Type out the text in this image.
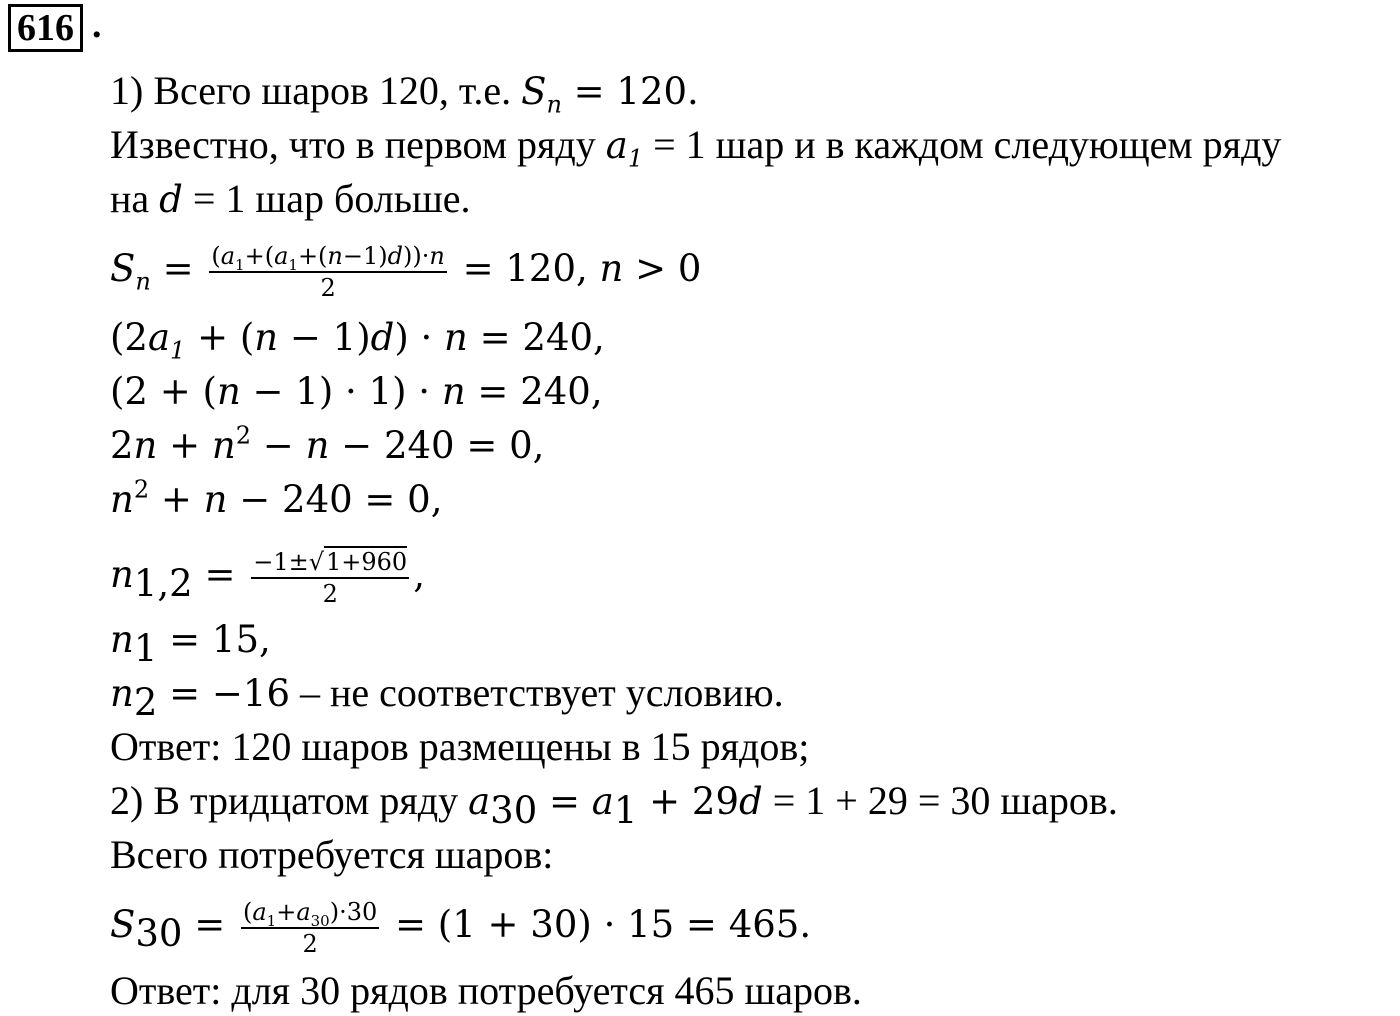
616 .
1) Всего шаров 120, т.е. $S_n = 120$.
Известно, что в первом ряду $a_1 = 1$ шар и в каждом следующем ряду
на d = 1 шар больше.
$S_n = \frac{(a_1+(a_1+(n-1)d))\cdot n}{2} = 120$, n > 0
$(2a_1 + (n - 1)d) \cdot n = 240$,
(2 + (n − 1) · 1) · n = 240,
$2n + n^2 - n - 240 = 0$,
$n^2 + n - 240 = 0$,
$n_{1,2} = \frac{-1\pm√1+960}{2}$ ,
$n_1 = 15$,
$n_2 = -16$ – не соответствует условию.
Ответ: 120 шаров размещены в 15 рядов;
2) В тридцатом ряду $a_{30} = a_1 + 29d = 1 + 29 = 30$ шаров.
Всего потребуется шаров:
$S_{30} = \frac{(a_1+a_{30})\cdot 30}{2} = (1 + 30) \cdot 15 = 465$.
Ответ: для 30 рядов потребуется 465 шаров.
